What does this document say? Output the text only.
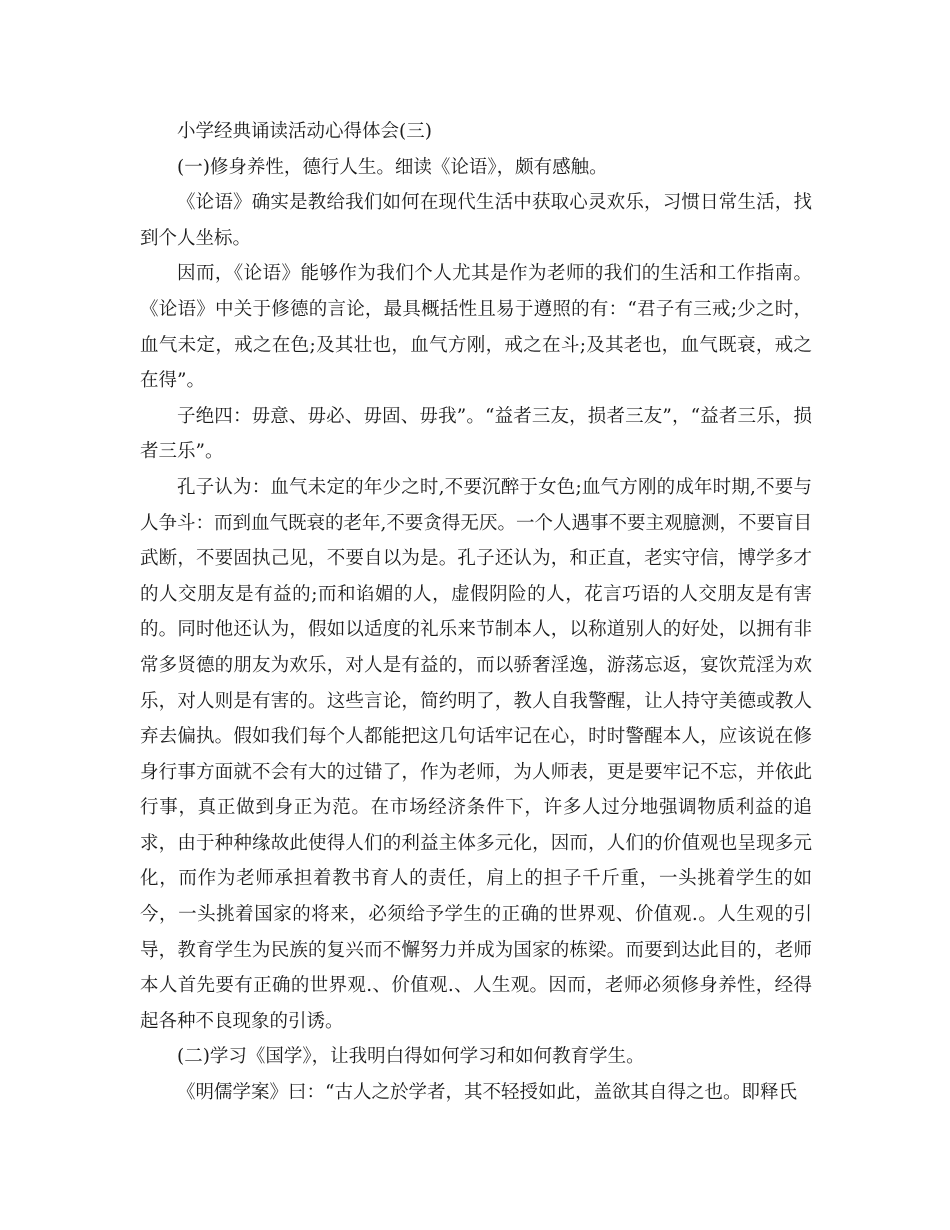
小学经典诵读活动心得体会(三)

(一)修身养性，德行人生。细读《论语》，颇有感触。

《论语》确实是教给我们如何在现代生活中获取心灵欢乐，习惯日常生活，找到个人坐标。

因而，《论语》能够作为我们个人尤其是作为老师的我们的生活和工作指南。《论语》中关于修德的言论，最具概括性且易于遵照的有：“君子有三戒;少之时，血气未定，戒之在色;及其壮也，血气方刚，戒之在斗;及其老也，血气既衰，戒之在得”。

子绝四：毋意、毋必、毋固、毋我”。“益者三友，损者三友”，“益者三乐，损者三乐”。

孔子认为：血气未定的年少之时,不要沉醉于女色;血气方刚的成年时期,不要与人争斗：而到血气既衰的老年,不要贪得无厌。一个人遇事不要主观臆测，不要盲目武断，不要固执己见，不要自以为是。孔子还认为，和正直，老实守信，博学多才的人交朋友是有益的;而和谄媚的人，虚假阴险的人，花言巧语的人交朋友是有害的。同时他还认为，假如以适度的礼乐来节制本人，以称道别人的好处，以拥有非常多贤德的朋友为欢乐，对人是有益的，而以骄奢淫逸，游荡忘返，宴饮荒淫为欢乐，对人则是有害的。这些言论，简约明了，教人自我警醒，让人持守美德或教人弃去偏执。假如我们每个人都能把这几句话牢记在心，时时警醒本人，应该说在修身行事方面就不会有大的过错了，作为老师，为人师表，更是要牢记不忘，并依此行事，真正做到身正为范。在市场经济条件下，许多人过分地强调物质利益的追求，由于种种缘故此使得人们的利益主体多元化，因而，人们的价值观也呈现多元化，而作为老师承担着教书育人的责任，肩上的担子千斤重，一头挑着学生的如今，一头挑着国家的将来，必须给予学生的正确的世界观、价值观.。人生观的引导，教育学生为民族的复兴而不懈努力并成为国家的栋梁。而要到达此目的，老师本人首先要有正确的世界观.、价值观.、人生观。因而，老师必须修身养性，经得起各种不良现象的引诱。

(二)学习《国学》，让我明白得如何学习和如何教育学生。

《明儒学案》曰：“古人之於学者，其不轻授如此，盖欲其自得之也。即释氏
